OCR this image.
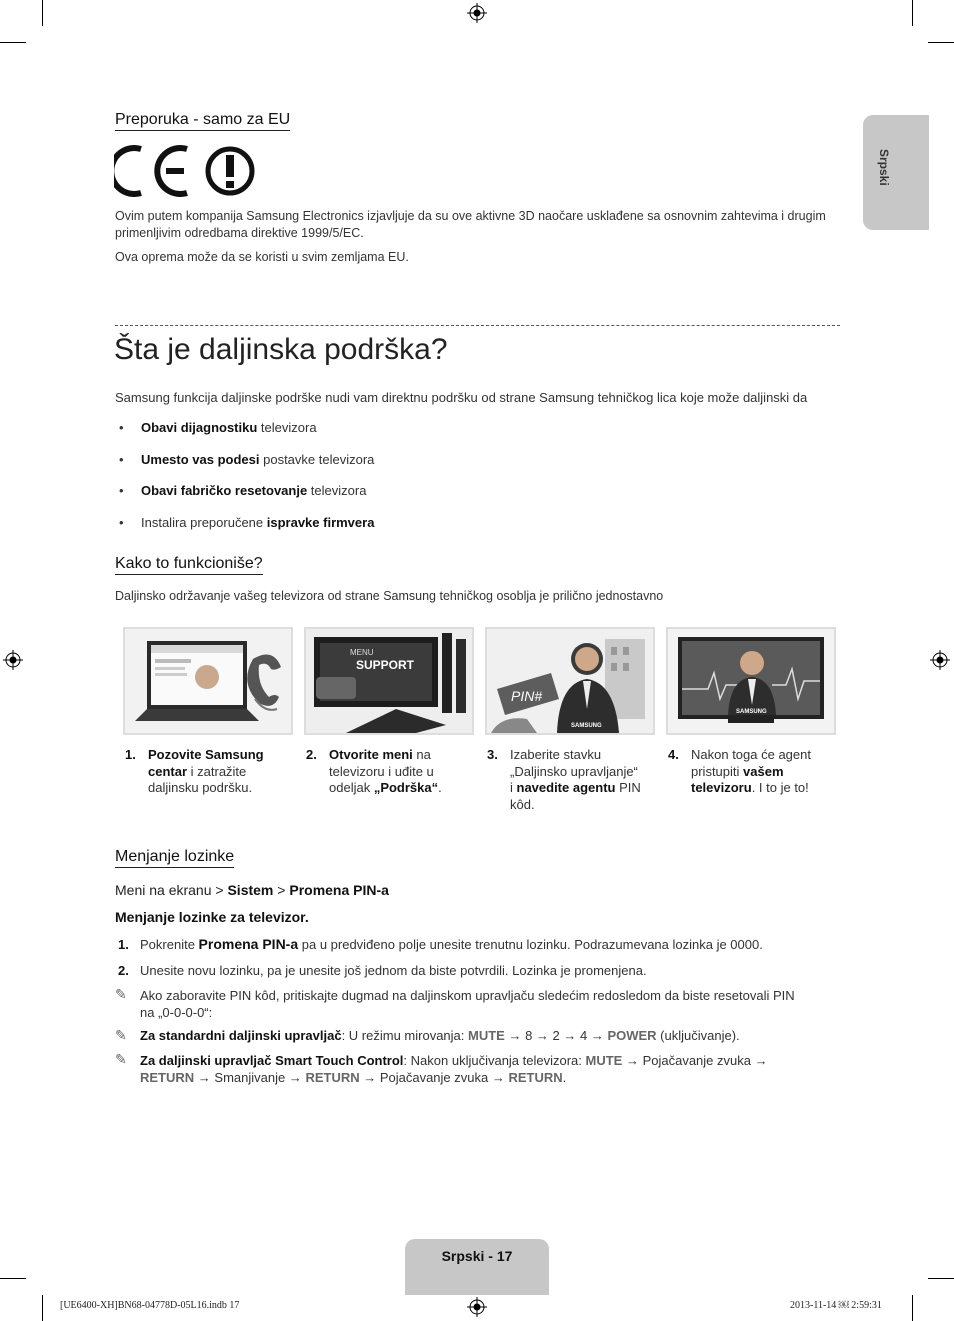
Srpski
Preporuka - samo za EU
Ovim putem kompanija Samsung Electronics izjavljuje da su ove aktivne 3D naočare usklađene sa osnovnim zahtevima i drugim primenljivim odredbama direktive 1999/5/EC.
Ova oprema može da se koristi u svim zemljama EU.
Šta je daljinska podrška?
Samsung funkcija daljinske podrške nudi vam direktnu podršku od strane Samsung tehničkog lica koje može daljinski da
• Obavi dijagnostiku televizora
• Umesto vas podesi postavke televizora
• Obavi fabričko resetovanje televizora
• Instalira preporučene ispravke firmvera
Kako to funkcioniše?
Daljinsko održavanje vašeg televizora od strane Samsung tehničkog osoblja je prilično jednostavno
MENU
SUPPORT
PIN#
SAMSUNG
SAMSUNG
1. Pozovite Samsung
centar i zatražite
daljinsku podršku.
2. Otvorite meni na
televizoru i uđite u
odeljak „Podrška“.
3. Izaberite stavku
„Daljinsko upravljanje“
i navedite agentu PIN
kôd.
4. Nakon toga će agent
pristupiti vašem
televizoru. I to je to!
Menjanje lozinke
Meni na ekranu > Sistem > Promena PIN-a
Menjanje lozinke za televizor.
1. Pokrenite Promena PIN-a pa u predviđeno polje unesite trenutnu lozinku. Podrazumevana lozinka je 0000.
2. Unesite novu lozinku, pa je unesite još jednom da biste potvrdili. Lozinka je promenjena.
✎ Ako zaboravite PIN kôd, pritiskajte dugmad na daljinskom upravljaču sledećim redosledom da biste resetovali PIN
na „0-0-0-0“:
✎ Za standardni daljinski upravljač: U režimu mirovanja: MUTE → 8 → 2 → 4 → POWER (uključivanje).
✎ Za daljinski upravljač Smart Touch Control: Nakon uključivanja televizora: MUTE → Pojačavanje zvuka →
RETURN → Smanjivanje → RETURN → Pojačavanje zvuka → RETURN.
Srpski - 17
[UE6400-XH]BN68-04778D-05L16.indb 17	2013-11-14 ￼ 2:59:31
